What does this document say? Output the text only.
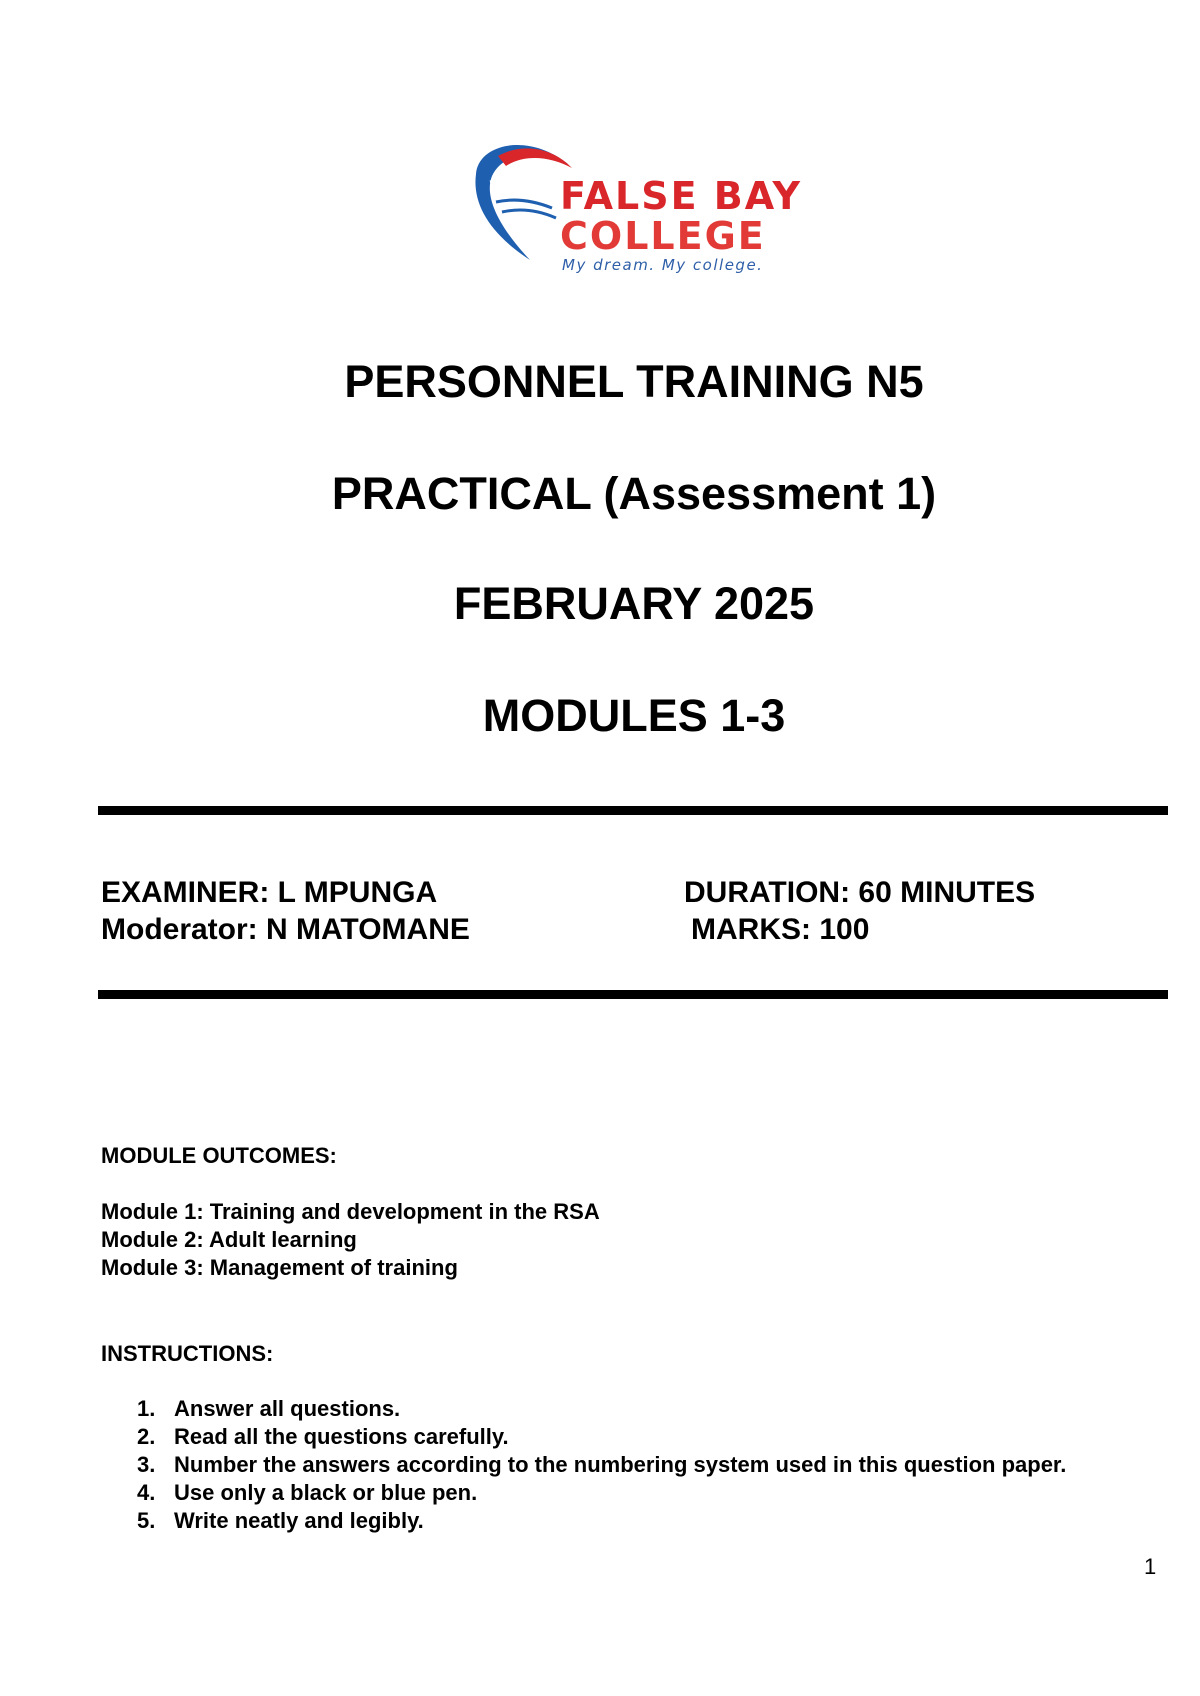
FALSE BAY
COLLEGE
My dream. My college.
PERSONNEL TRAINING N5
PRACTICAL (Assessment 1)
FEBRUARY 2025
MODULES 1-3
EXAMINER: L MPUNGA
Moderator: N MATOMANE
DURATION: 60 MINUTES
MARKS: 100
MODULE OUTCOMES:
Module 1: Training and development in the RSA
Module 2: Adult learning
Module 3: Management of training
INSTRUCTIONS:
1. Answer all questions.
2. Read all the questions carefully.
3. Number the answers according to the numbering system used in this question paper.
4. Use only a black or blue pen.
5. Write neatly and legibly.
1
